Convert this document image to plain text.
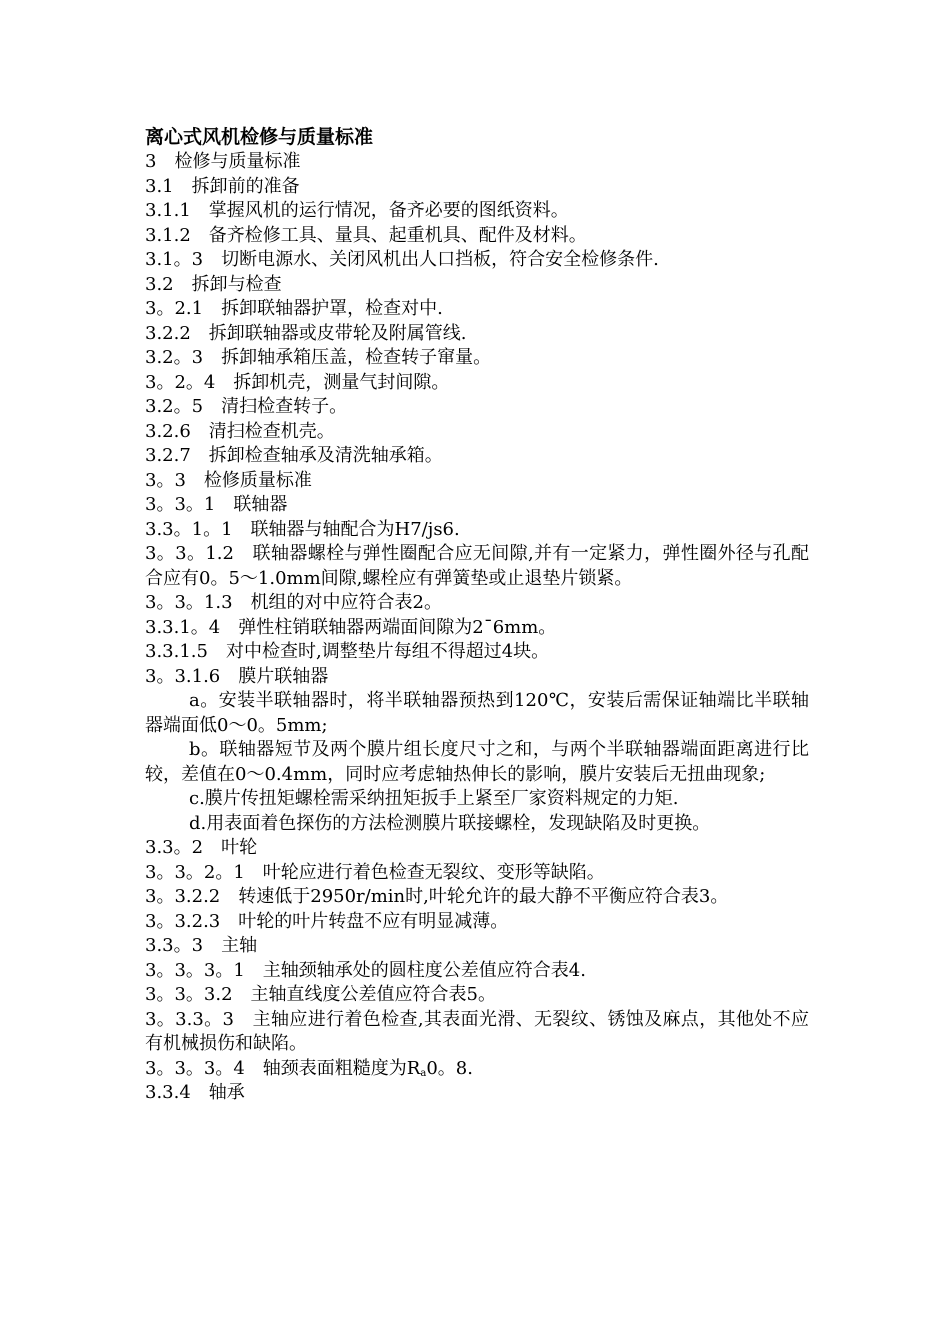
离心式风机检修与质量标准

3　检修与质量标准

3.1　拆卸前的准备

3.1.1　掌握风机的运行情况，备齐必要的图纸资料。

3.1.2　备齐检修工具、量具、起重机具、配件及材料。

3.1。3　切断电源水、关闭风机出人口挡板，符合安全检修条件.

3.2　拆卸与检查

3。2.1　拆卸联轴器护罩，检查对中.

3.2.2　拆卸联轴器或皮带轮及附属管线.

3.2。3　拆卸轴承箱压盖，检查转子窜量。

3。2。4　拆卸机壳，测量气封间隙。

3.2。5　清扫检查转子。

3.2.6　清扫检查机壳。

3.2.7　拆卸检查轴承及清洗轴承箱。

3。3　检修质量标准

3。3。1　联轴器

3.3。1。1　联轴器与轴配合为H7/js6.

3。3。1.2　联轴器螺栓与弹性圈配合应无间隙,并有一定紧力，弹性圈外径与孔配合应有0。5～1.0mm间隙,螺栓应有弹簧垫或止退垫片锁紧。

3。3。1.3　机组的对中应符合表2。

3.3.1。4　弹性柱销联轴器两端面间隙为2¯6mm。

3.3.1.5　对中检查时,调整垫片每组不得超过4块。

3。3.1.6　膜片联轴器

a。安装半联轴器时，将半联轴器预热到120℃，安装后需保证轴端比半联轴器端面低0～0。5mm;

b。联轴器短节及两个膜片组长度尺寸之和，与两个半联轴器端面距离进行比较，差值在0～0.4mm，同时应考虑轴热伸长的影响，膜片安装后无扭曲现象;

c.膜片传扭矩螺栓需采纳扭矩扳手上紧至厂家资料规定的力矩.

d.用表面着色探伤的方法检测膜片联接螺栓，发现缺陷及时更换。

3.3。2　叶轮

3。3。2。1　叶轮应进行着色检查无裂纹、变形等缺陷。

3。3.2.2　转速低于2950r/min时,叶轮允许的最大静不平衡应符合表3。

3。3.2.3　叶轮的叶片转盘不应有明显减薄。

3.3。3　主轴

3。3。3。1　主轴颈轴承处的圆柱度公差值应符合表4.

3。3。3.2　主轴直线度公差值应符合表5。

3。3.3。3　主轴应进行着色检查,其表面光滑、无裂纹、锈蚀及麻点，其他处不应有机械损伤和缺陷。

3。3。3。4　轴颈表面粗糙度为$R_a0$。8.

3.3.4　轴承
